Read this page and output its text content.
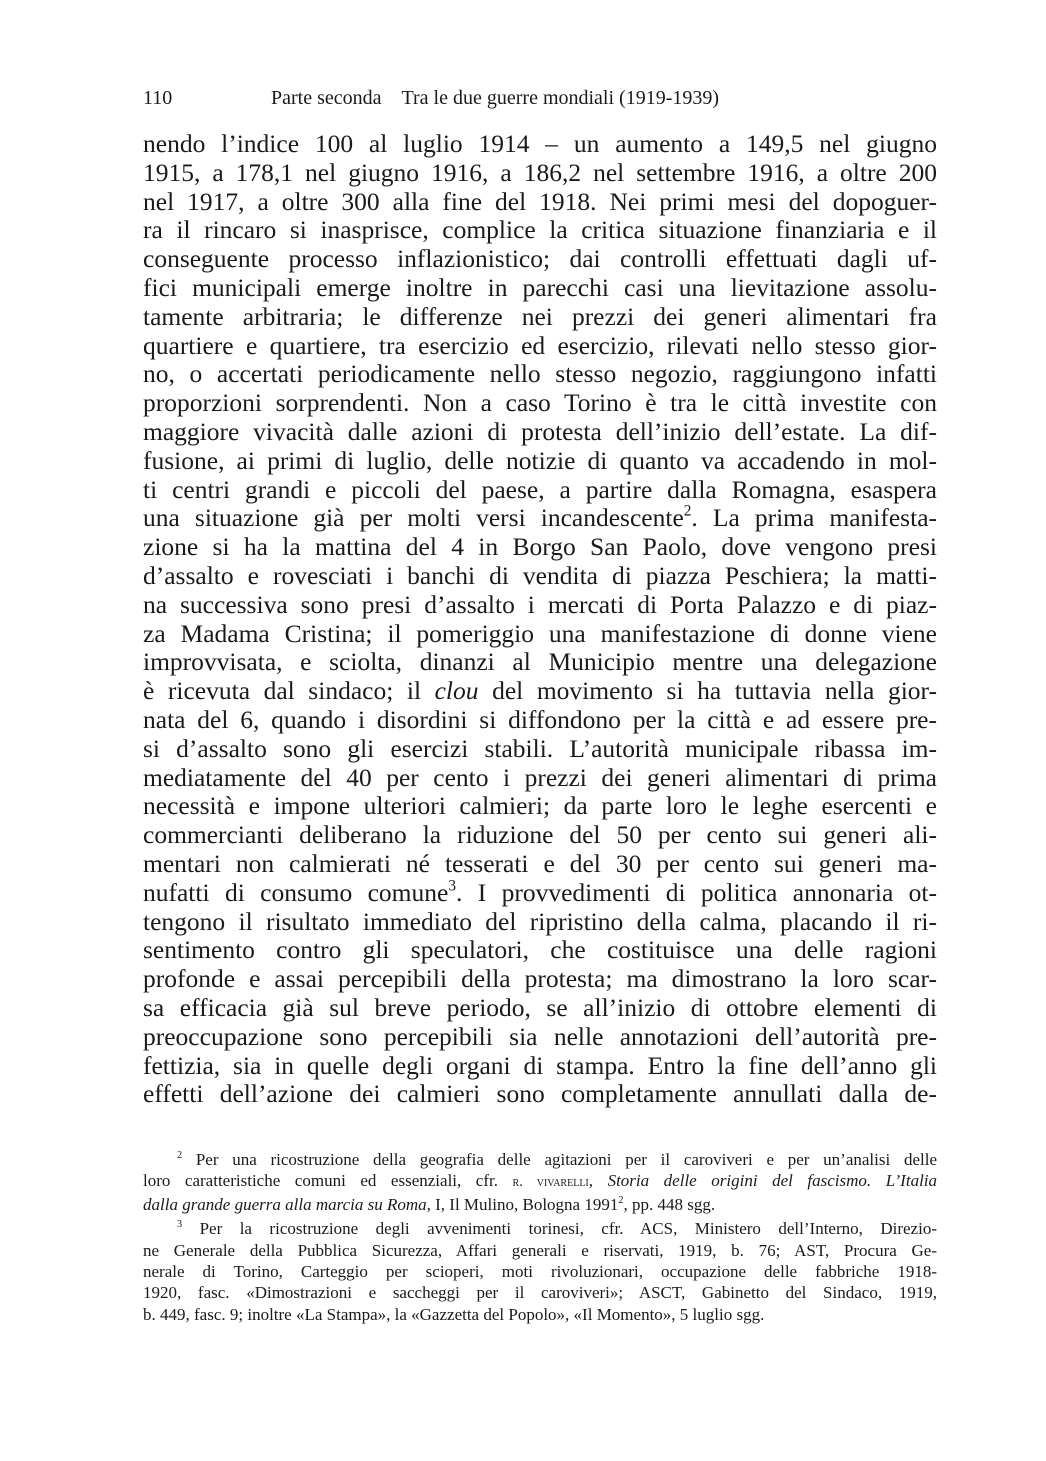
110	Parte seconda Tra le due guerre mondiali (1919-1939)
nendo l’indice 100 al luglio 1914 – un aumento a 149,5 nel giugno
1915, a 178,1 nel giugno 1916, a 186,2 nel settembre 1916, a oltre 200
nel 1917, a oltre 300 alla fine del 1918. Nei primi mesi del dopoguer-
ra il rincaro si inasprisce, complice la critica situazione finanziaria e il
conseguente processo inflazionistico; dai controlli effettuati dagli uf-
fici municipali emerge inoltre in parecchi casi una lievitazione assolu-
tamente arbitraria; le differenze nei prezzi dei generi alimentari fra
quartiere e quartiere, tra esercizio ed esercizio, rilevati nello stesso gior-
no, o accertati periodicamente nello stesso negozio, raggiungono infatti
proporzioni sorprendenti. Non a caso Torino è tra le città investite con
maggiore vivacità dalle azioni di protesta dell’inizio dell’estate. La dif-
fusione, ai primi di luglio, delle notizie di quanto va accadendo in mol-
ti centri grandi e piccoli del paese, a partire dalla Romagna, esaspera
una situazione già per molti versi incandescente$^2$. La prima manifesta-
zione si ha la mattina del 4 in Borgo San Paolo, dove vengono presi
d’assalto e rovesciati i banchi di vendita di piazza Peschiera; la matti-
na successiva sono presi d’assalto i mercati di Porta Palazzo e di piaz-
za Madama Cristina; il pomeriggio una manifestazione di donne viene
improvvisata, e sciolta, dinanzi al Municipio mentre una delegazione
è ricevuta dal sindaco; il clou del movimento si ha tuttavia nella gior-
nata del 6, quando i disordini si diffondono per la città e ad essere pre-
si d’assalto sono gli esercizi stabili. L’autorità municipale ribassa im-
mediatamente del 40 per cento i prezzi dei generi alimentari di prima
necessità e impone ulteriori calmieri; da parte loro le leghe esercenti e
commercianti deliberano la riduzione del 50 per cento sui generi ali-
mentari non calmierati né tesserati e del 30 per cento sui generi ma-
nufatti di consumo comune$^3$. I provvedimenti di politica annonaria ot-
tengono il risultato immediato del ripristino della calma, placando il ri-
sentimento contro gli speculatori, che costituisce una delle ragioni
profonde e assai percepibili della protesta; ma dimostrano la loro scar-
sa efficacia già sul breve periodo, se all’inizio di ottobre elementi di
preoccupazione sono percepibili sia nelle annotazioni dell’autorità pre-
fettizia, sia in quelle degli organi di stampa. Entro la fine dell’anno gli
effetti dell’azione dei calmieri sono completamente annullati dalla de-
$^2$ Per una ricostruzione della geografia delle agitazioni per il caroviveri e per un’analisi delle
loro caratteristiche comuni ed essenziali, cfr. r. vivarelli, Storia delle origini del fascismo. L’Italia
dalla grande guerra alla marcia su Roma, I, Il Mulino, Bologna 1991$^2$, pp. 448 sgg.
$^3$ Per la ricostruzione degli avvenimenti torinesi, cfr. ACS, Ministero dell’Interno, Direzio-
ne Generale della Pubblica Sicurezza, Affari generali e riservati, 1919, b. 76; AST, Procura Ge-
nerale di Torino, Carteggio per scioperi, moti rivoluzionari, occupazione delle fabbriche 1918-
1920, fasc. «Dimostrazioni e saccheggi per il caroviveri»; ASCT, Gabinetto del Sindaco, 1919,
b. 449, fasc. 9; inoltre «La Stampa», la «Gazzetta del Popolo», «Il Momento», 5 luglio sgg.
